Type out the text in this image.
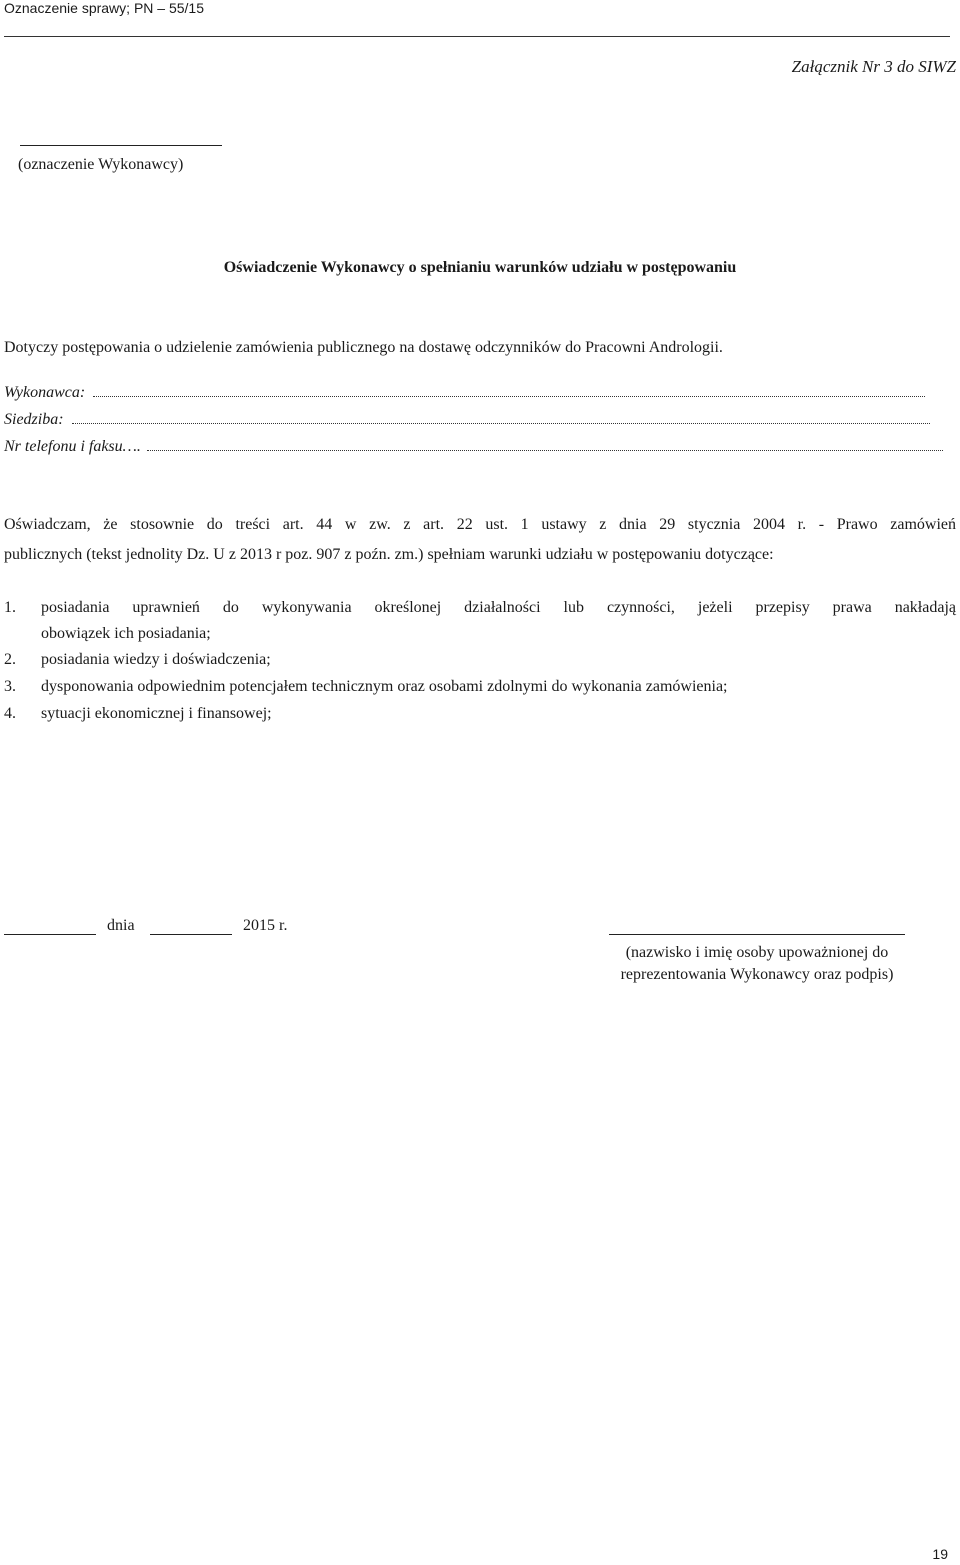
Oznaczenie sprawy; PN – 55/15
Załącznik Nr 3 do SIWZ
(oznaczenie Wykonawcy)
Oświadczenie Wykonawcy o spełnianiu warunków udziału w postępowaniu
Dotyczy postępowania o udzielenie zamówienia publicznego na dostawę odczynników do Pracowni Andrologii.
Wykonawca:
Siedziba:
Nr telefonu i faksu….
Oświadczam, że stosownie do treści art. 44 w zw. z art. 22 ust. 1 ustawy z dnia 29 stycznia 2004 r. - Prawo zamówień
publicznych (tekst jednolity Dz. U z 2013 r poz. 907 z poźn. zm.) spełniam warunki udziału w postępowaniu dotyczące:
1. posiadania uprawnień do wykonywania określonej działalności lub czynności, jeżeli przepisy prawa nakładają
obowiązek ich posiadania;
2. posiadania wiedzy i doświadczenia;
3. dysponowania odpowiednim potencjałem technicznym oraz osobami zdolnymi do wykonania zamówienia;
4. sytuacji ekonomicznej i finansowej;
dnia	2015 r.
(nazwisko i imię osoby upoważnionej do
reprezentowania Wykonawcy oraz podpis)
19
